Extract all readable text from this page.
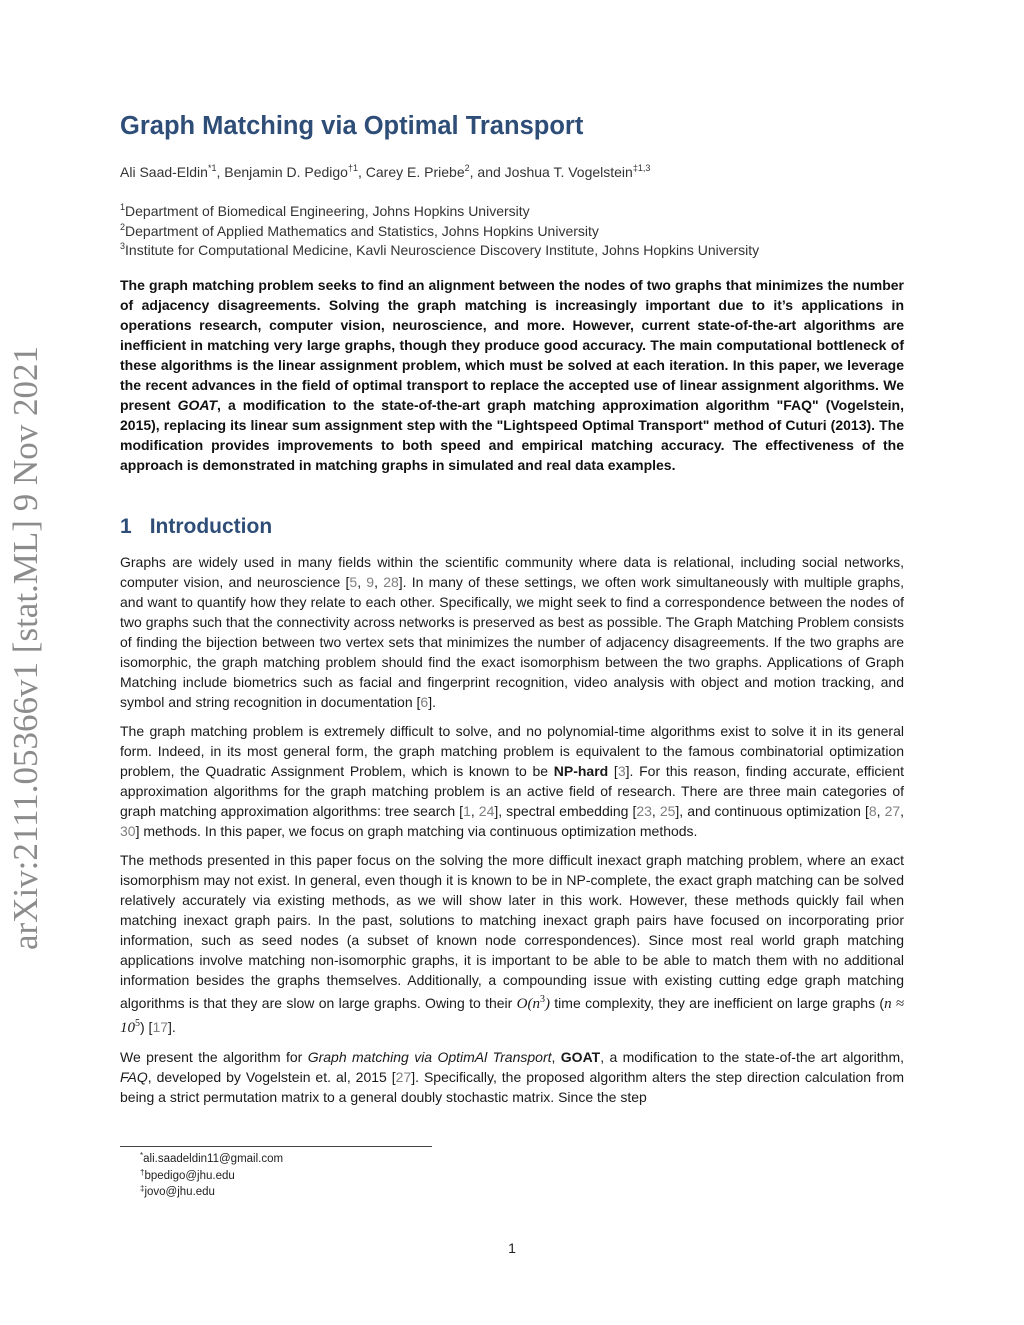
arXiv:2111.05366v1 [stat.ML] 9 Nov 2021
Graph Matching via Optimal Transport
Ali Saad-Eldin$^{*1}$, Benjamin D. Pedigo$^{\dagger 1}$, Carey E. Priebe$^2$, and Joshua T. Vogelstein$^{\ddagger 1,3}$
$^1$Department of Biomedical Engineering, Johns Hopkins University
$^2$Department of Applied Mathematics and Statistics, Johns Hopkins University
$^3$Institute for Computational Medicine, Kavli Neuroscience Discovery Institute, Johns Hopkins University
The graph matching problem seeks to find an alignment between the nodes of two graphs that minimizes the number of adjacency disagreements. Solving the graph matching is increasingly important due to it’s applications in operations research, computer vision, neuroscience, and more. However, current state-of-the-art algorithms are inefficient in matching very large graphs, though they produce good accuracy. The main computational bottleneck of these algorithms is the linear assignment problem, which must be solved at each iteration. In this paper, we leverage the recent advances in the field of optimal transport to replace the accepted use of linear assignment algorithms. We present GOAT, a modification to the state-of-the-art graph matching approximation algorithm "FAQ" (Vogelstein, 2015), replacing its linear sum assignment step with the "Lightspeed Optimal Transport" method of Cuturi (2013). The modification provides improvements to both speed and empirical matching accuracy. The effectiveness of the approach is demonstrated in matching graphs in simulated and real data examples.
1 Introduction

Graphs are widely used in many fields within the scientific community where data is relational, including social networks, computer vision, and neuroscience [5, 9, 28]. In many of these settings, we often work simultaneously with multiple graphs, and want to quantify how they relate to each other. Specifically, we might seek to find a correspondence between the nodes of two graphs such that the connectivity across networks is preserved as best as possible. The Graph Matching Problem consists of finding the bijection between two vertex sets that minimizes the number of adjacency disagreements. If the two graphs are isomorphic, the graph matching problem should find the exact isomorphism between the two graphs. Applications of Graph Matching include biometrics such as facial and fingerprint recognition, video analysis with object and motion tracking, and symbol and string recognition in documentation [6].

The graph matching problem is extremely difficult to solve, and no polynomial-time algorithms exist to solve it in its general form. Indeed, in its most general form, the graph matching problem is equivalent to the famous combinatorial optimization problem, the Quadratic Assignment Problem, which is known to be NP-hard [3]. For this reason, finding accurate, efficient approximation algorithms for the graph matching problem is an active field of research. There are three main categories of graph matching approximation algorithms: tree search [1, 24], spectral embedding [23, 25], and continuous optimization [8, 27, 30] methods. In this paper, we focus on graph matching via continuous optimization methods.

The methods presented in this paper focus on the solving the more difficult inexact graph matching problem, where an exact isomorphism may not exist. In general, even though it is known to be in NP-complete, the exact graph matching can be solved relatively accurately via existing methods, as we will show later in this work. However, these methods quickly fail when matching inexact graph pairs. In the past, solutions to matching inexact graph pairs have focused on incorporating prior information, such as seed nodes (a subset of known node correspondences). Since most real world graph matching applications involve matching non-isomorphic graphs, it is important to be able to be able to match them with no additional information besides the graphs themselves. Additionally, a compounding issue with existing cutting edge graph matching algorithms is that they are slow on large graphs. Owing to their $O(n^3)$ time complexity, they are inefficient on large graphs $(n \approx 10^5)$ [17].

We present the algorithm for Graph matching via OptimAl Transport, GOAT, a modification to the state-of-the art algorithm, FAQ, developed by Vogelstein et. al, 2015 [27]. Specifically, the proposed algorithm alters the step direction calculation from being a strict permutation matrix to a general doubly stochastic matrix. Since the step

*ali.saadeldin11@gmail.com
†bpedigo@jhu.edu
‡jovo@jhu.edu
1
